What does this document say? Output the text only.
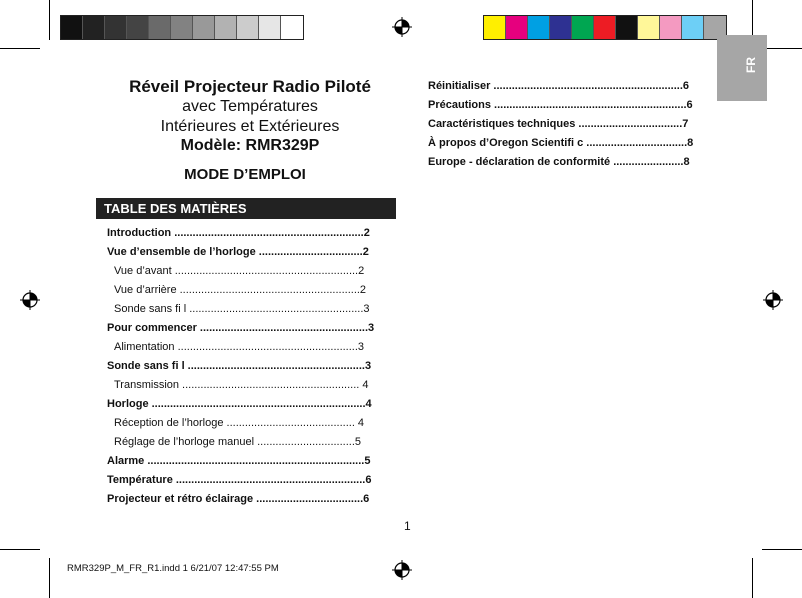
FR
Réveil Projecteur Radio Piloté
avec Températures
Intérieures et Extérieures
Modèle: RMR329P
MODE D’EMPLOI
TABLE DES MATIÈRES
Introduction ..............................................................2
Vue d’ensemble de l’horloge ..................................2
Vue d’avant ............................................................2
Vue d’arrière ...........................................................2
Sonde sans fi l .........................................................3
Pour commencer .......................................................3
Alimentation ...........................................................3
Sonde sans fi l ..........................................................3
Transmission .......................................................... 4
Horloge ......................................................................4
Réception de l’horloge .......................................... 4
Réglage de l’horloge manuel ................................5
Alarme .......................................................................5
Température ..............................................................6
Projecteur et rétro éclairage ...................................6
Réinitialiser ..............................................................6
Précautions ...............................................................6
Caractéristiques techniques ..................................7
À propos d’Oregon Scientifi c .................................8
Europe - déclaration de conformité .......................8
1
RMR329P_M_FR_R1.indd 1 6/21/07 12:47:55 PM
